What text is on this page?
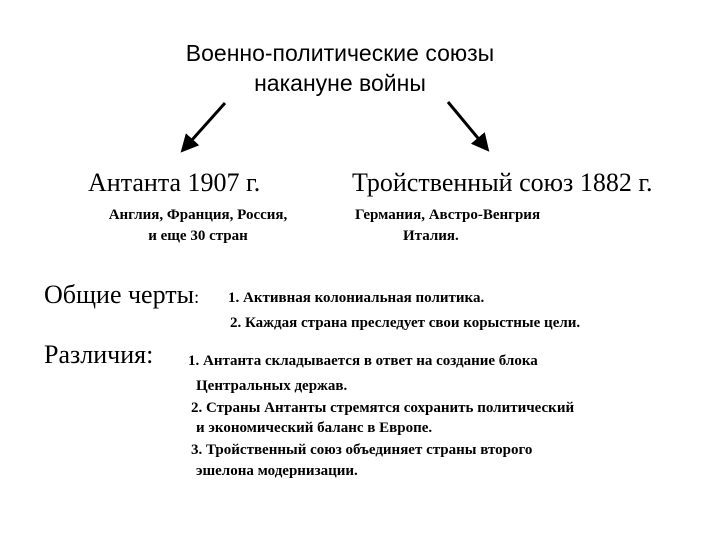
Военно-политические союзы
накануне войны
Антанта 1907 г.	Тройственный союз 1882 г.
Англия, Франция, Россия,
и еще 30 стран
Германия, Австро-Венгрия
Италия.
Общие черты: 1. Активная колониальная политика.
2. Каждая страна преследует свои корыстные цели.
Различия: 1. Антанта складывается в ответ на создание блока
Центральных держав.
2. Страны Антанты стремятся сохранить политический
и экономический баланс в Европе.
3. Тройственный союз объединяет страны второго
эшелона модернизации.
